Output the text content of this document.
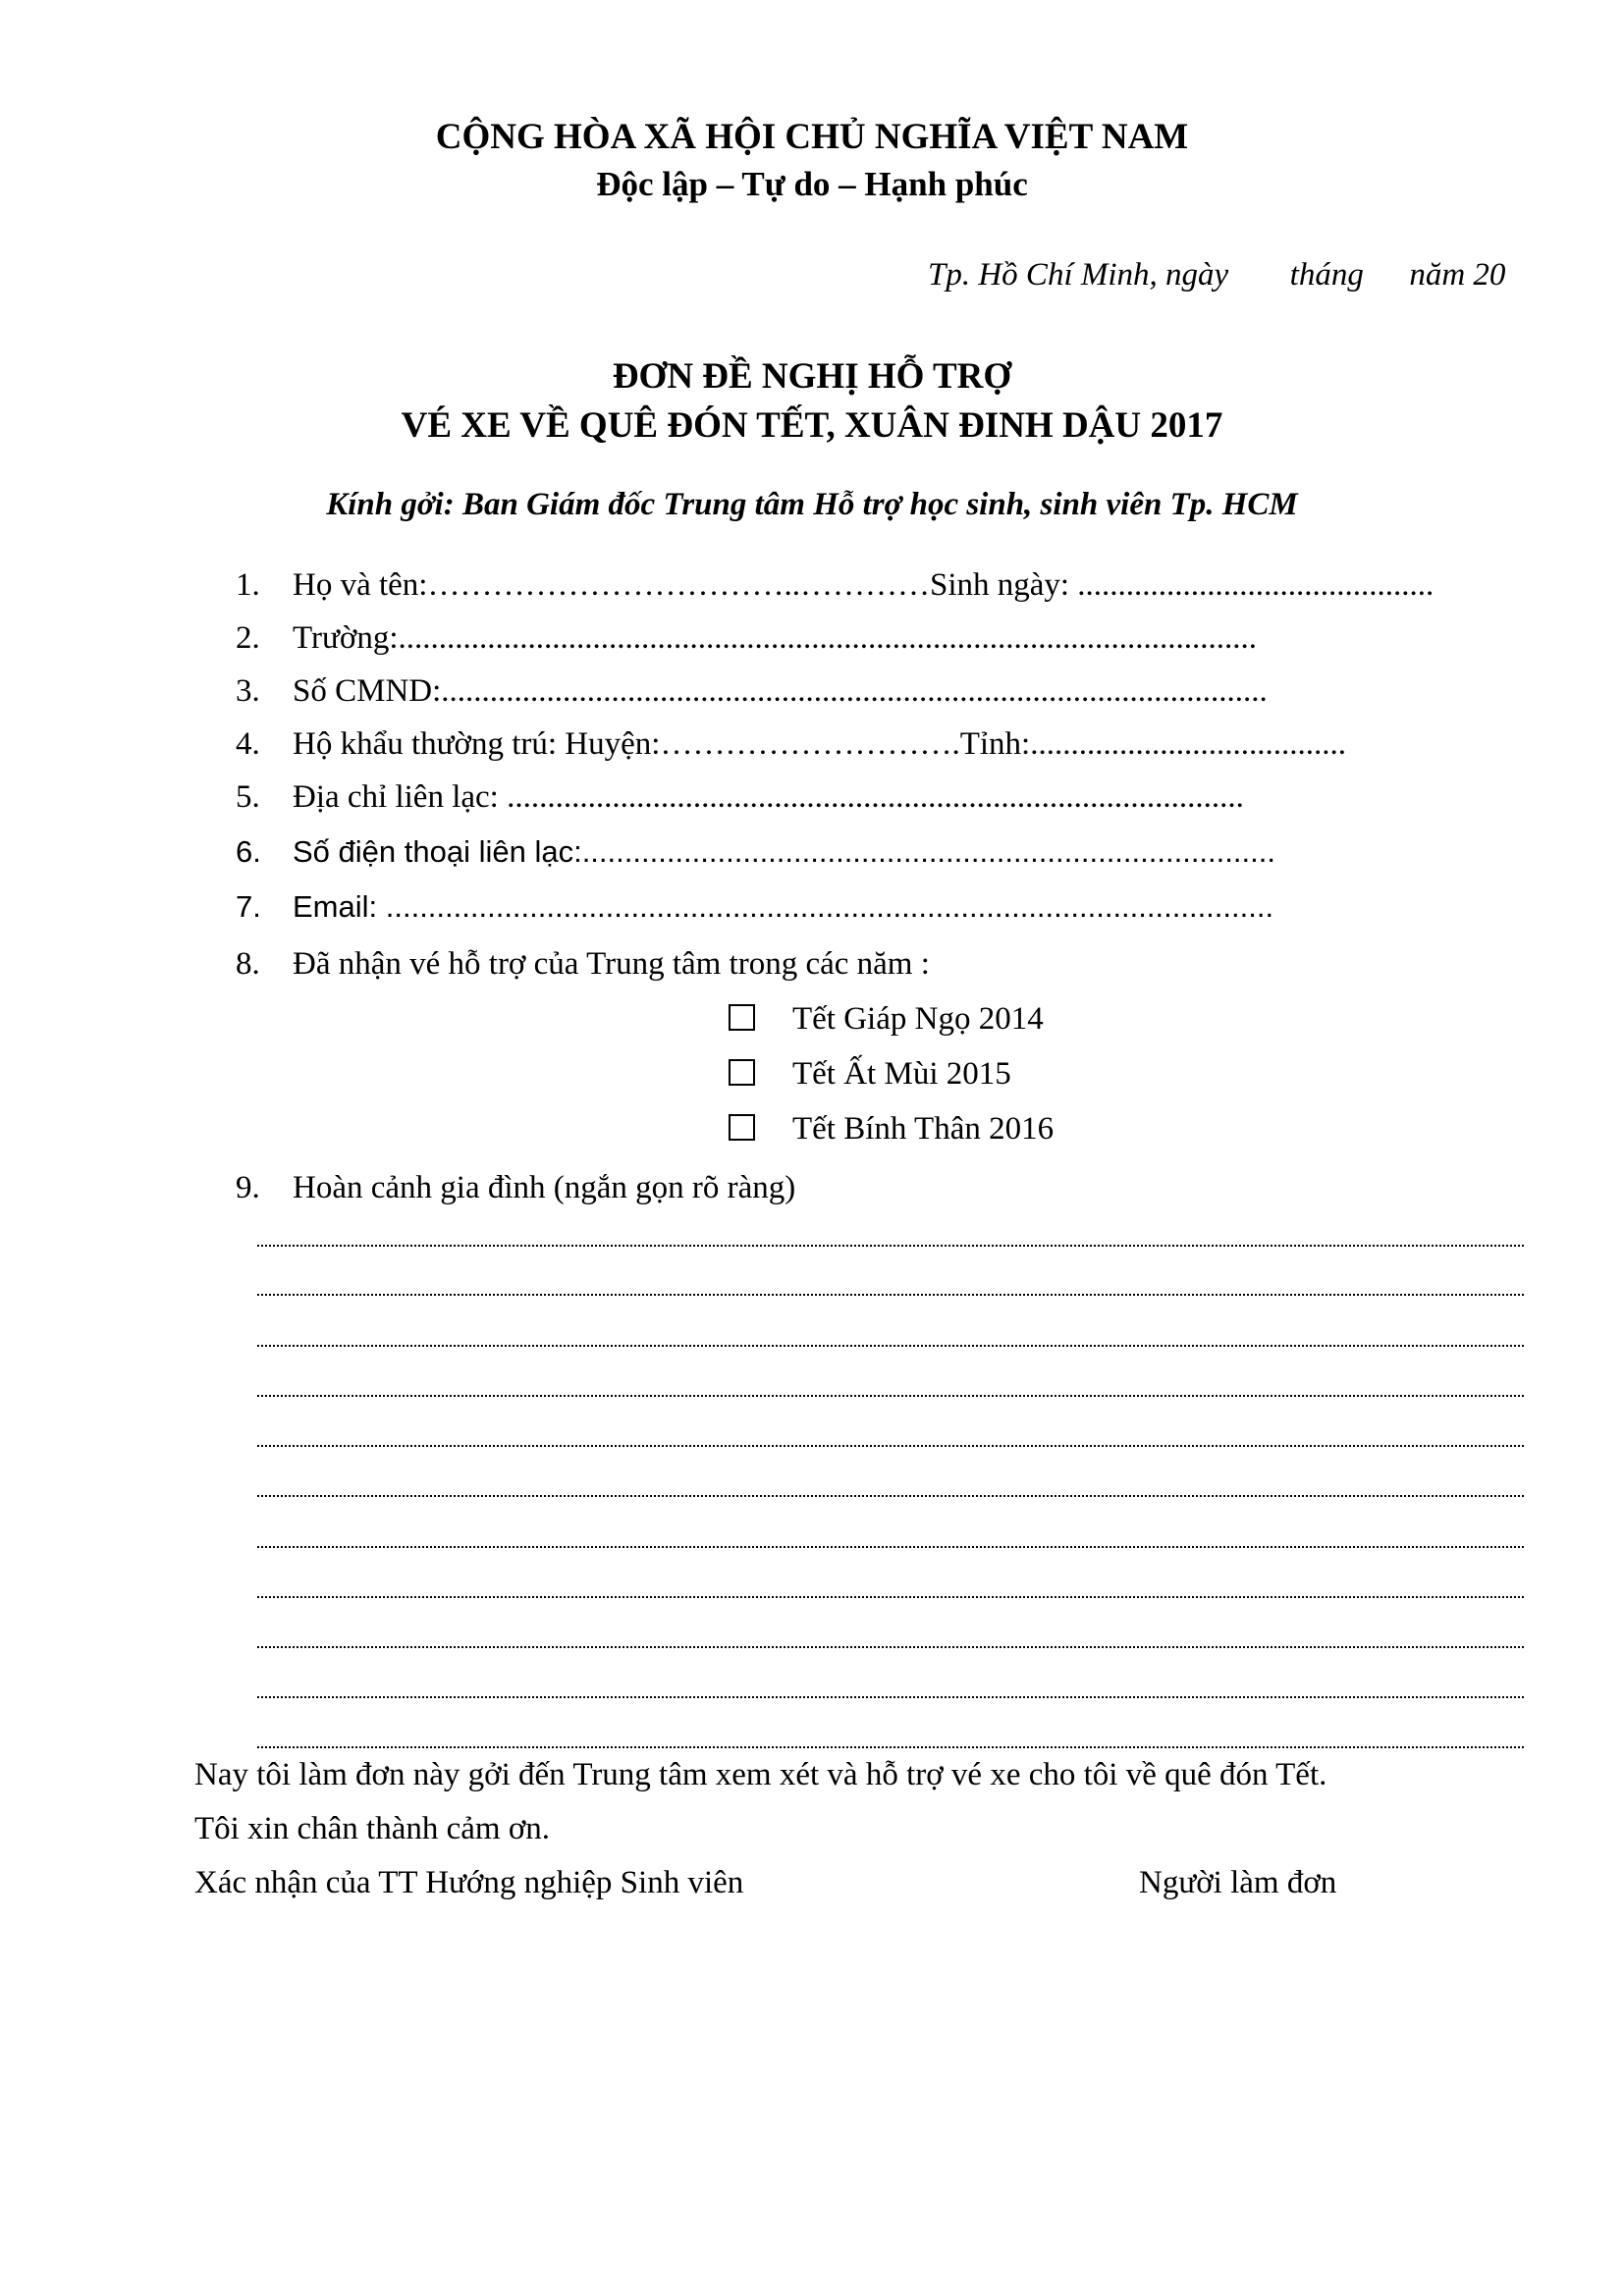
CỘNG HÒA XÃ HỘI CHỦ NGHĨA VIỆT NAM
Độc lập – Tự do – Hạnh phúc
Tp. Hồ Chí Minh, ngày tháng năm 20
ĐƠN ĐỀ NGHỊ HỖ TRỢ
VÉ XE VỀ QUÊ ĐÓN TẾT, XUÂN ĐINH DẬU 2017
Kính gởi: Ban Giám đốc Trung tâm Hỗ trợ học sinh, sinh viên Tp. HCM
1.	Họ và tên:……………………………..…………Sinh ngày: ............................................
2.	Trường:..........................................................................................................
3.	Số CMND:......................................................................................................
4.	Hộ khẩu thường trú: Huyện:……………………….Tỉnh:.......................................
5.	Địa chỉ liên lạc: ...........................................................................................
6.	Số điện thoại liên lạc:..................................................................................
7.	Email: .........................................................................................................
8.	Đã nhận vé hỗ trợ của Trung tâm trong các năm :
Tết Giáp Ngọ 2014
Tết Ất Mùi 2015
Tết Bính Thân 2016
9.	Hoàn cảnh gia đình (ngắn gọn rõ ràng)
Nay tôi làm đơn này gởi đến Trung tâm xem xét và hỗ trợ vé xe cho tôi về quê đón Tết.
Tôi xin chân thành cảm ơn.
Xác nhận của TT Hướng nghiệp Sinh viên	Người làm đơn
